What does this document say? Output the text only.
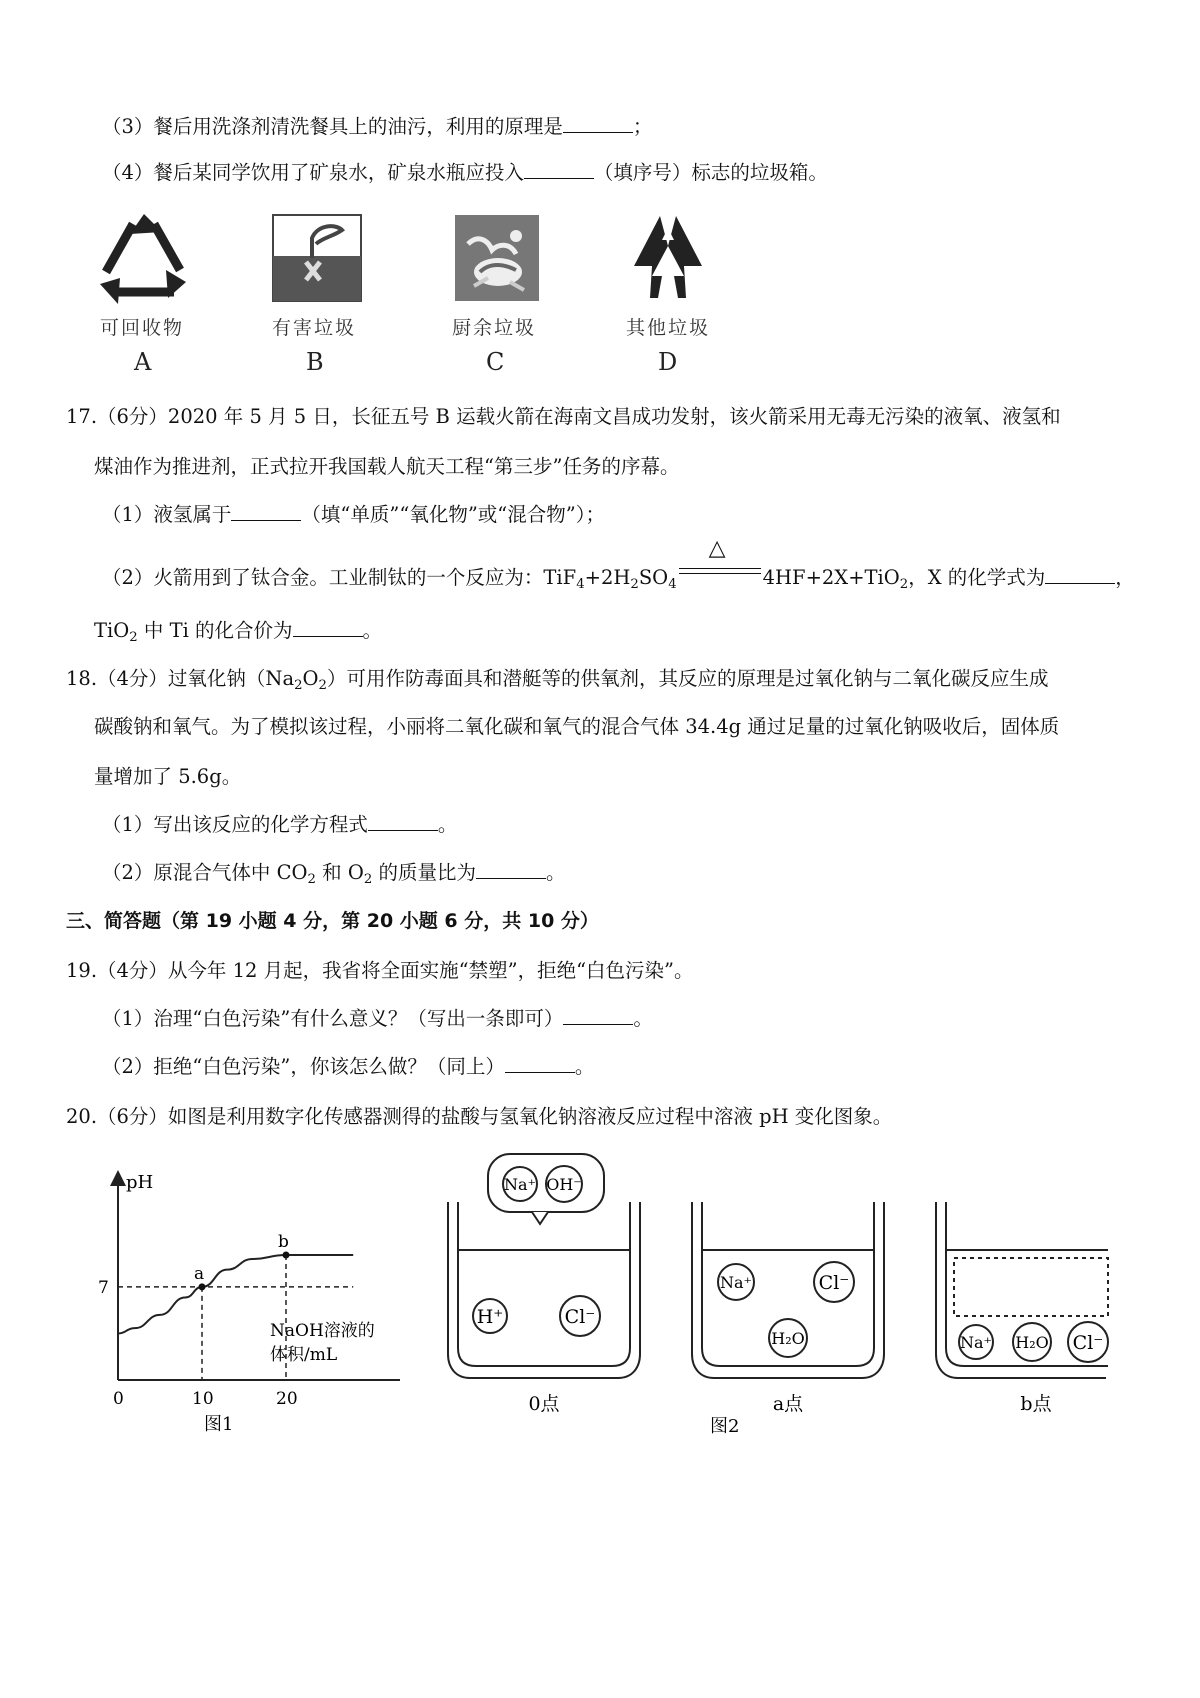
（3）餐后用洗涤剂清洗餐具上的油污，利用的原理是	；
（4）餐后某同学饮用了矿泉水，矿泉水瓶应投入	（填序号）标志的垃圾箱。
可回收物
A
有害垃圾
B
厨余垃圾
C
其他垃圾
D
17.（6分）2020 年 5 月 5 日，长征五号 B 运载火箭在海南文昌成功发射，该火箭采用无毒无污染的液氧、液氢和
煤油作为推进剂，正式拉开我国载人航天工程“第三步”任务的序幕。
（1）液氢属于	（填“单质”“氧化物”或“混合物”）；
（2）火箭用到了钛合金。工业制钛的一个反应为：$TiF_4+2H_2SO_4$
△
4HF+2X+TiO$_2$，X 的化学式为	，
TiO$_2$ 中 Ti 的化合价为	。
18.（4分）过氧化钠$(Na_2O_2)$可用作防毒面具和潜艇等的供氧剂，其反应的原理是过氧化钠与二氧化碳反应生成
碳酸钠和氧气。为了模拟该过程，小丽将二氧化碳和氧气的混合气体 34.4g 通过足量的过氧化钠吸收后，固体质
量增加了 5.6g。
（1）写出该反应的化学方程式	。
（2）原混合气体中 $CO_2$ 和 $O_2$ 的质量比为	。
三、简答题（第 19 小题 4 分，第 20 小题 6 分，共 10 分）
19.（4分）从今年 12 月起，我省将全面实施“禁塑”，拒绝“白色污染”。
（1）治理“白色污染”有什么意义？（写出一条即可）	。
（2）拒绝“白色污染”，你该怎么做？（同上）	。
20.（6分）如图是利用数字化传感器测得的盐酸与氢氧化钠溶液反应过程中溶液 pH 变化图象。
pH
NaOH溶液的
体积/mL
图1
a
b
7
0	10	20
Na⁺ OH⁻
H⁺	Cl⁻
0点
Na⁺	Cl⁻
H₂O
a点
图2
Na⁺ H₂O Cl⁻
b点
